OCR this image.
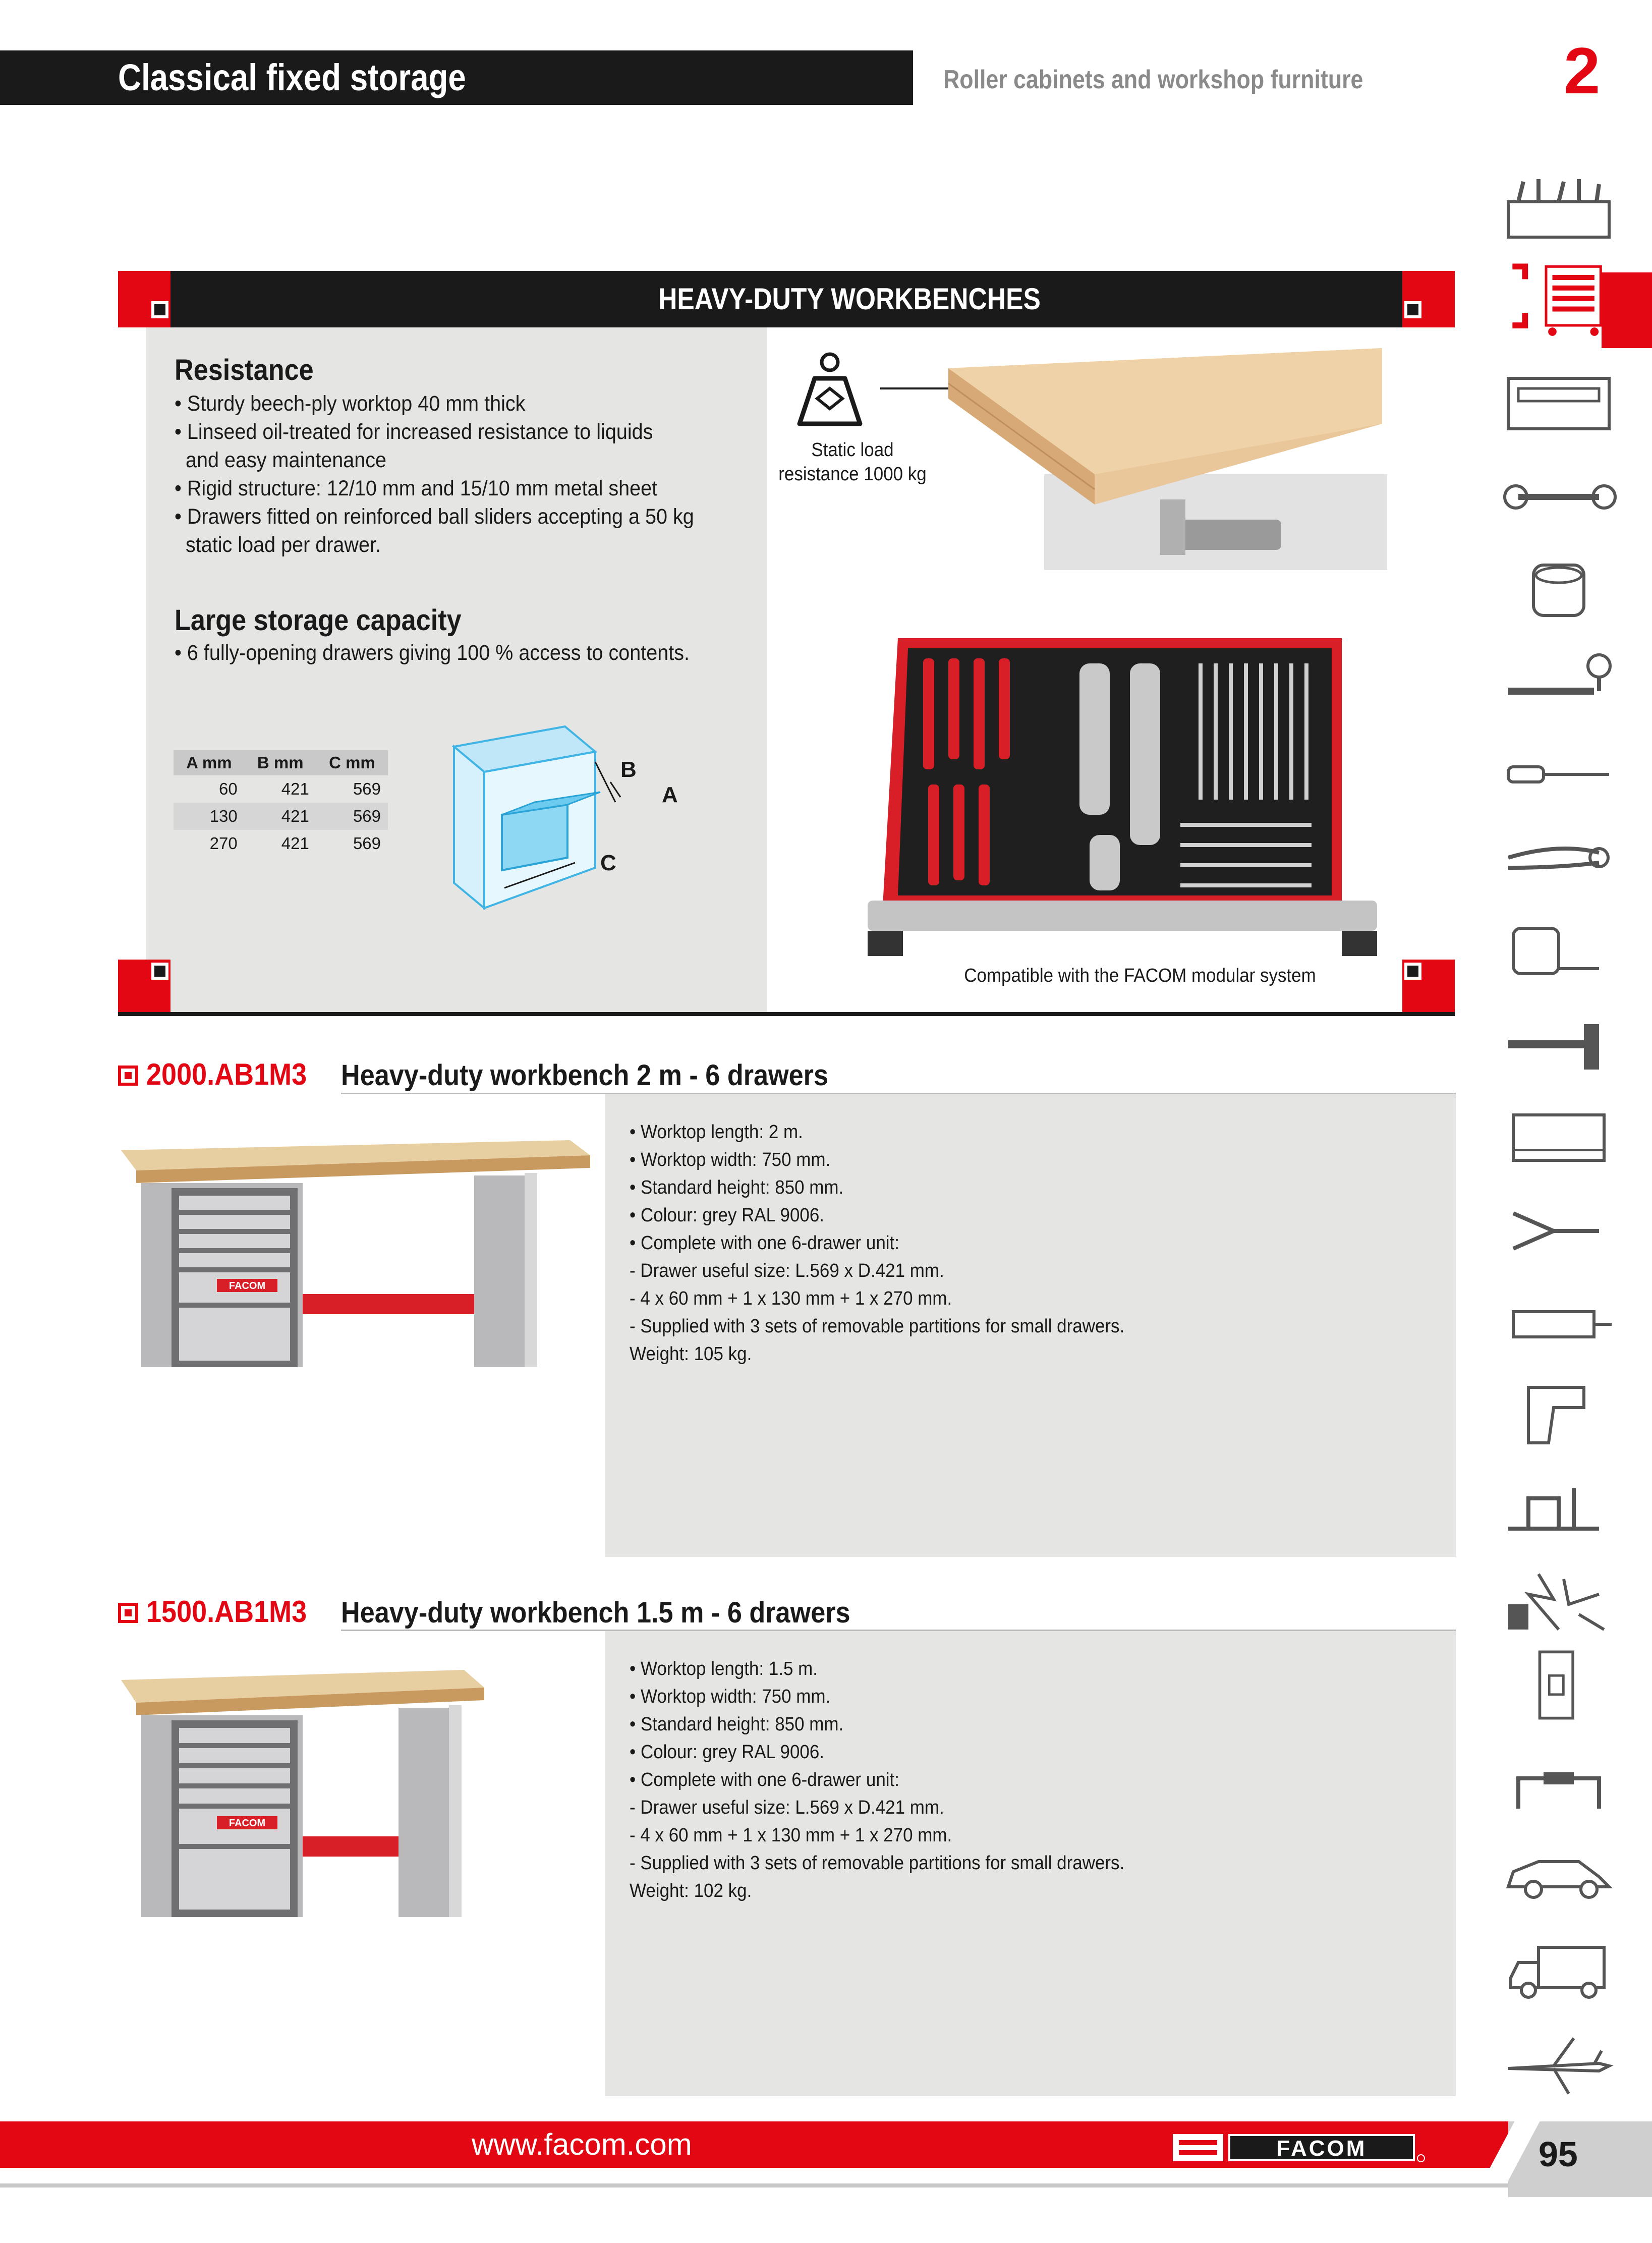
Classical fixed storage	Roller cabinets and workshop furniture	2
HEAVY-DUTY WORKBENCHES
Resistance
• Sturdy beech-ply worktop 40 mm thick
• Linseed oil-treated for increased resistance to liquids
and easy maintenance
• Rigid structure: 12/10 mm and 15/10 mm metal sheet
• Drawers fitted on reinforced ball sliders accepting a 50 kg
static load per drawer.
Large storage capacity
• 6 fully-opening drawers giving 100 % access to contents.
A mm	B mm	C mm
60	421	569
130	421	569
270	421	569
B
A
C
Static load
resistance 1000 kg
Compatible with the FACOM modular system
2000.AB1M3 Heavy-duty workbench 2 m - 6 drawers
• Worktop length: 2 m.
• Worktop width: 750 mm.
• Standard height: 850 mm.
• Colour: grey RAL 9006.
• Complete with one 6-drawer unit:
- Drawer useful size: L.569 x D.421 mm.
- 4 x 60 mm + 1 x 130 mm + 1 x 270 mm.
- Supplied with 3 sets of removable partitions for small drawers.
Weight: 105 kg.
FACOM
1500.AB1M3 Heavy-duty workbench 1.5 m - 6 drawers
• Worktop length: 1.5 m.
• Worktop width: 750 mm.
• Standard height: 850 mm.
• Colour: grey RAL 9006.
• Complete with one 6-drawer unit:
- Drawer useful size: L.569 x D.421 mm.
- 4 x 60 mm + 1 x 130 mm + 1 x 270 mm.
- Supplied with 3 sets of removable partitions for small drawers.
Weight: 102 kg.
FACOM
www.facom.com	FACOM	95
